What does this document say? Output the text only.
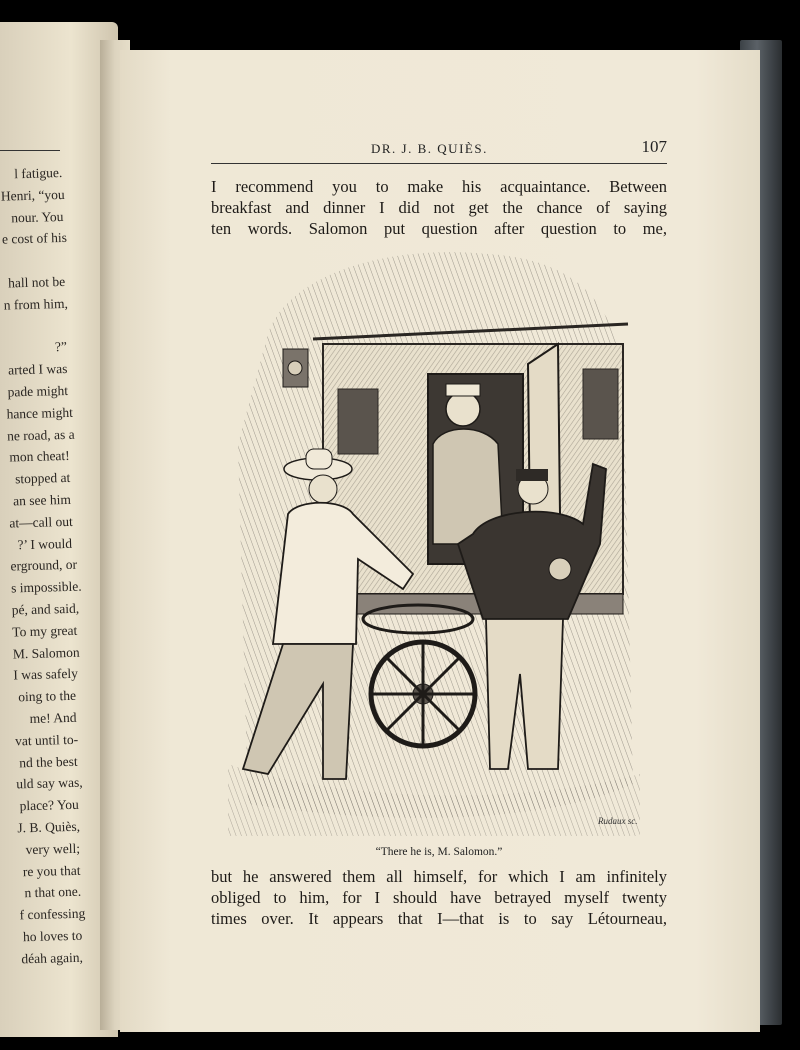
l fatigue.
Henri, “you
nour. You
e cost of his

hall not be
n from him,

?”
arted I was
pade might
hance might
ne road, as a
mon cheat!
stopped at
an see him
at—call out
?’ I would
erground, or
s impossible.
pé, and said,
To my great
M. Salomon
I was safely
oing to the
me! And
vat until to-
nd the best
uld say was,
place? You
J. B. Quiès,
very well;
re you that
n that one.
f confessing
ho loves to
déah again,
DR. J. B. QUIÈS.	107
I recommend you to make his acquaintance. Between
breakfast and dinner I did not get the chance of saying
ten words. Salomon put question after question to me,
Rudaux sc.
“There he is, M. Salomon.”
but he answered them all himself, for which I am infinitely
obliged to him, for I should have betrayed myself twenty
times over. It appears that I—that is to say Létourneau,
